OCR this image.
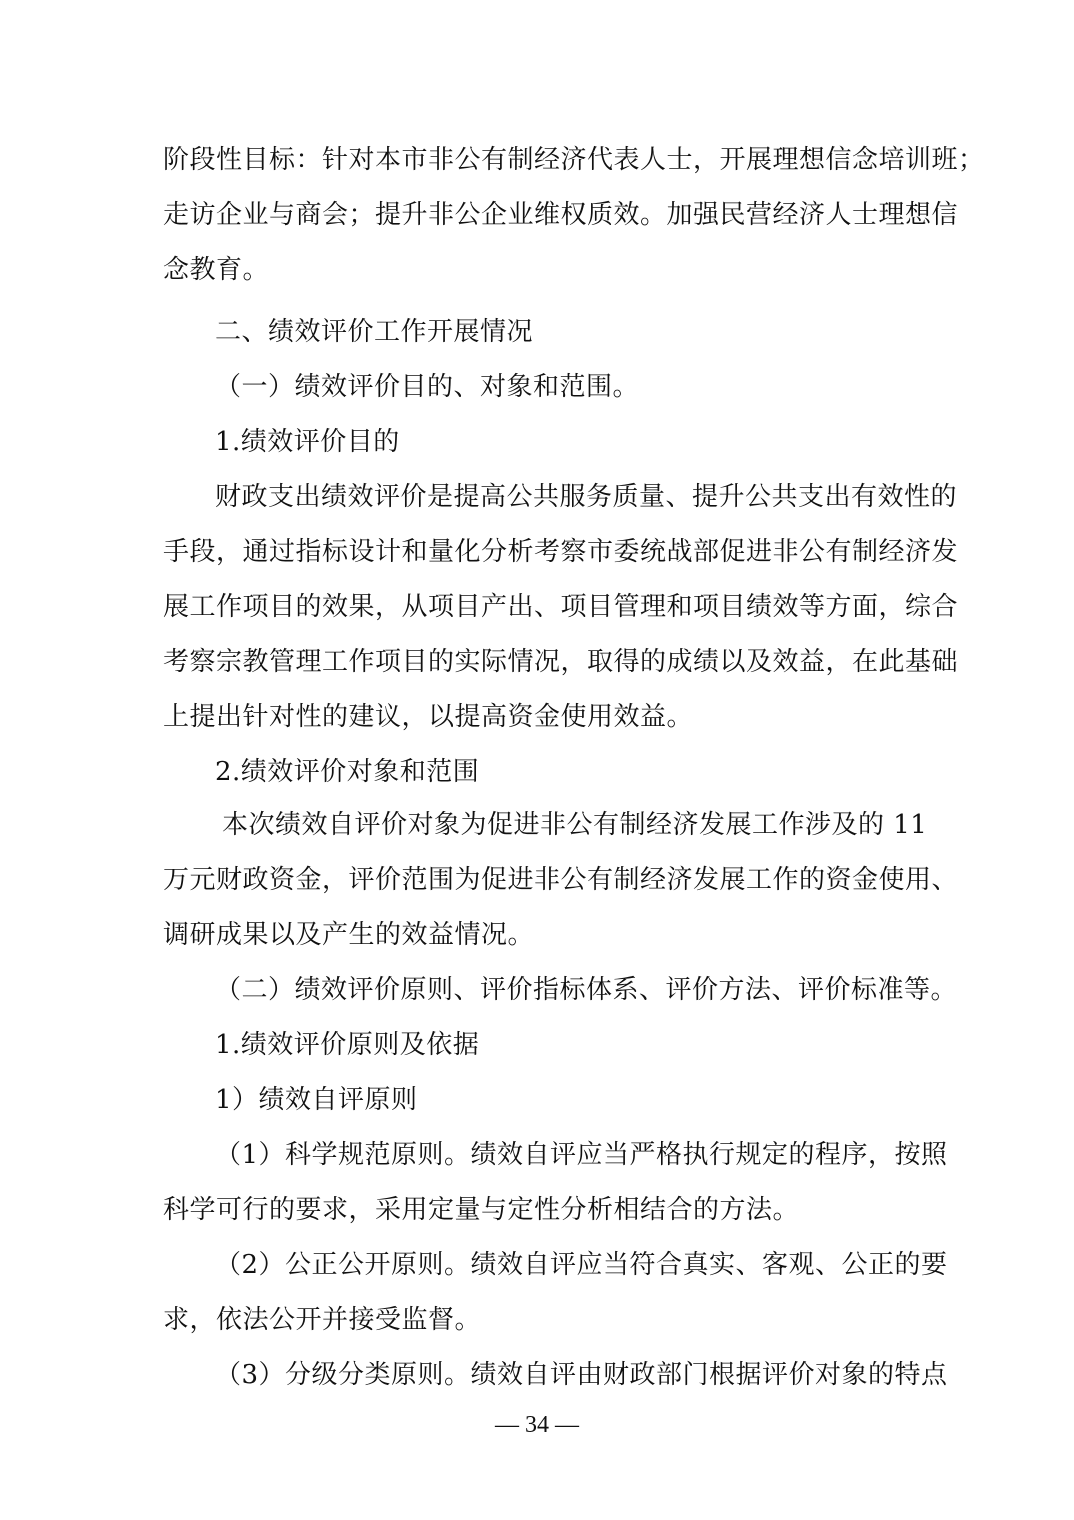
阶段性目标：针对本市非公有制经济代表人士，开展理想信念培训班；
走访企业与商会；提升非公企业维权质效。加强民营经济人士理想信
念教育。
二、绩效评价工作开展情况
（一）绩效评价目的、对象和范围。
1.绩效评价目的
财政支出绩效评价是提高公共服务质量、提升公共支出有效性的
手段，通过指标设计和量化分析考察市委统战部促进非公有制经济发
展工作项目的效果，从项目产出、项目管理和项目绩效等方面，综合
考察宗教管理工作项目的实际情况，取得的成绩以及效益，在此基础
上提出针对性的建议，以提高资金使用效益。
2.绩效评价对象和范围
本次绩效自评价对象为促进非公有制经济发展工作涉及的 11
万元财政资金，评价范围为促进非公有制经济发展工作的资金使用、
调研成果以及产生的效益情况。
（二）绩效评价原则、评价指标体系、评价方法、评价标准等。
1.绩效评价原则及依据
1）绩效自评原则
（1）科学规范原则。绩效自评应当严格执行规定的程序，按照
科学可行的要求，采用定量与定性分析相结合的方法。
（2）公正公开原则。绩效自评应当符合真实、客观、公正的要
求，依法公开并接受监督。
（3）分级分类原则。绩效自评由财政部门根据评价对象的特点
— 34 —
